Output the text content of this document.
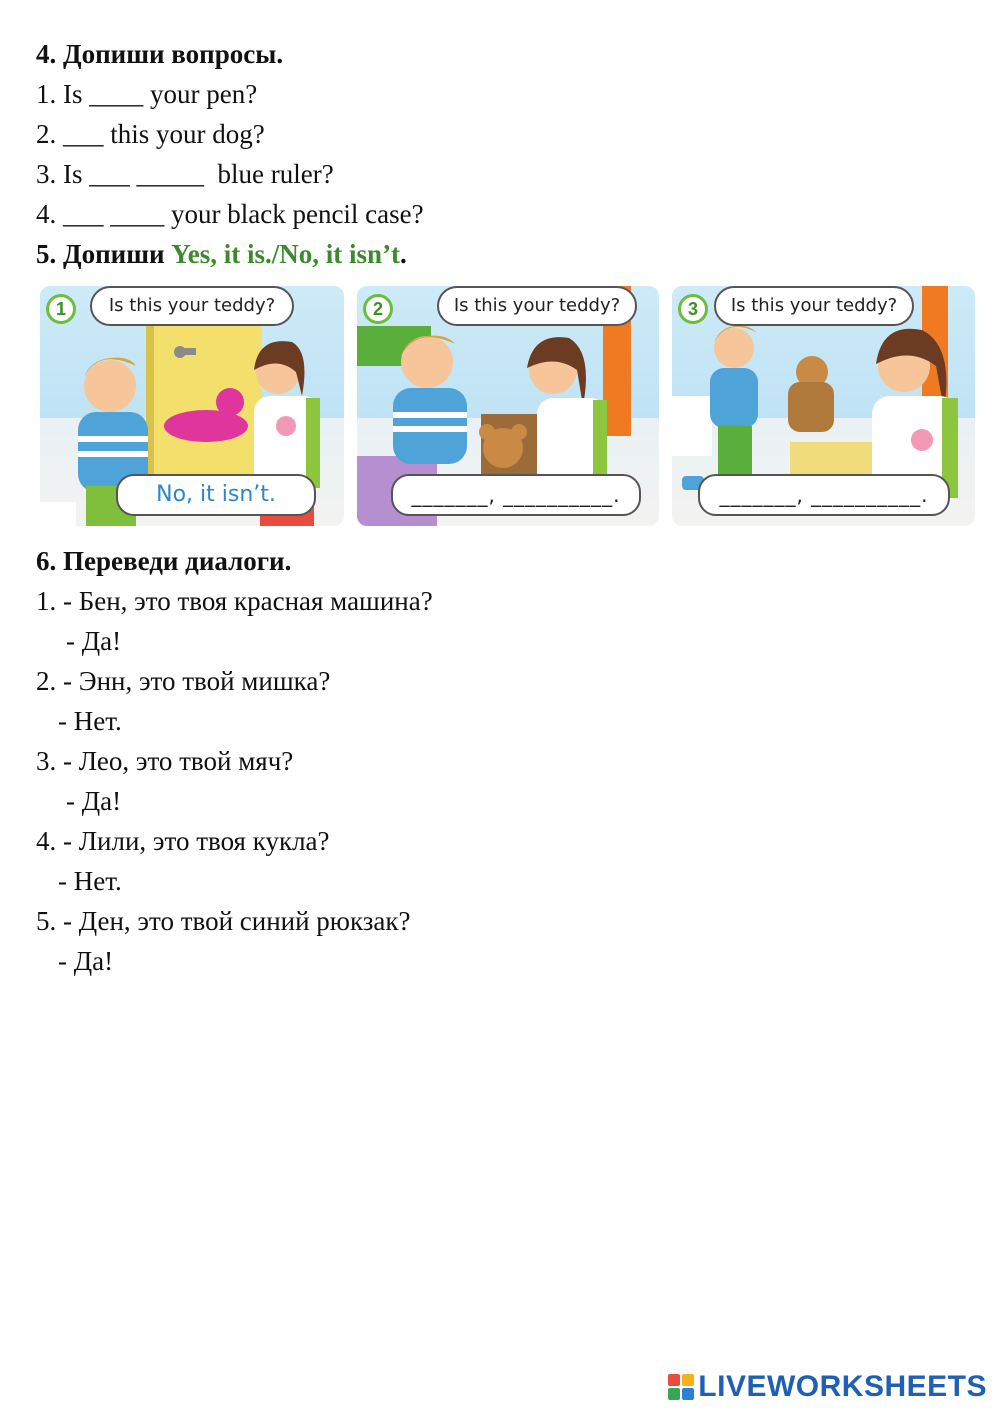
4. Допиши вопросы.
1. Is ____ your pen?
2. ___ this your dog?
3. Is ___ _____  blue ruler?
4. ___ ____ your black pencil case?
5. Допиши Yes, it is./No, it isn’t.
1	Is this your teddy?
No, it isn’t.
2	Is this your teddy?
_______, __________.
3	Is this your teddy?
_______, __________.
6. Переведи диалоги.
1. - Бен, это твоя красная машина?
- Да!
2. - Энн, это твой мишка?
- Нет.
3. - Лео, это твой мяч?
- Да!
4. - Лили, это твоя кукла?
- Нет.
5. - Ден, это твой синий рюкзак?
- Да!
LIVEWORKSHEETS
